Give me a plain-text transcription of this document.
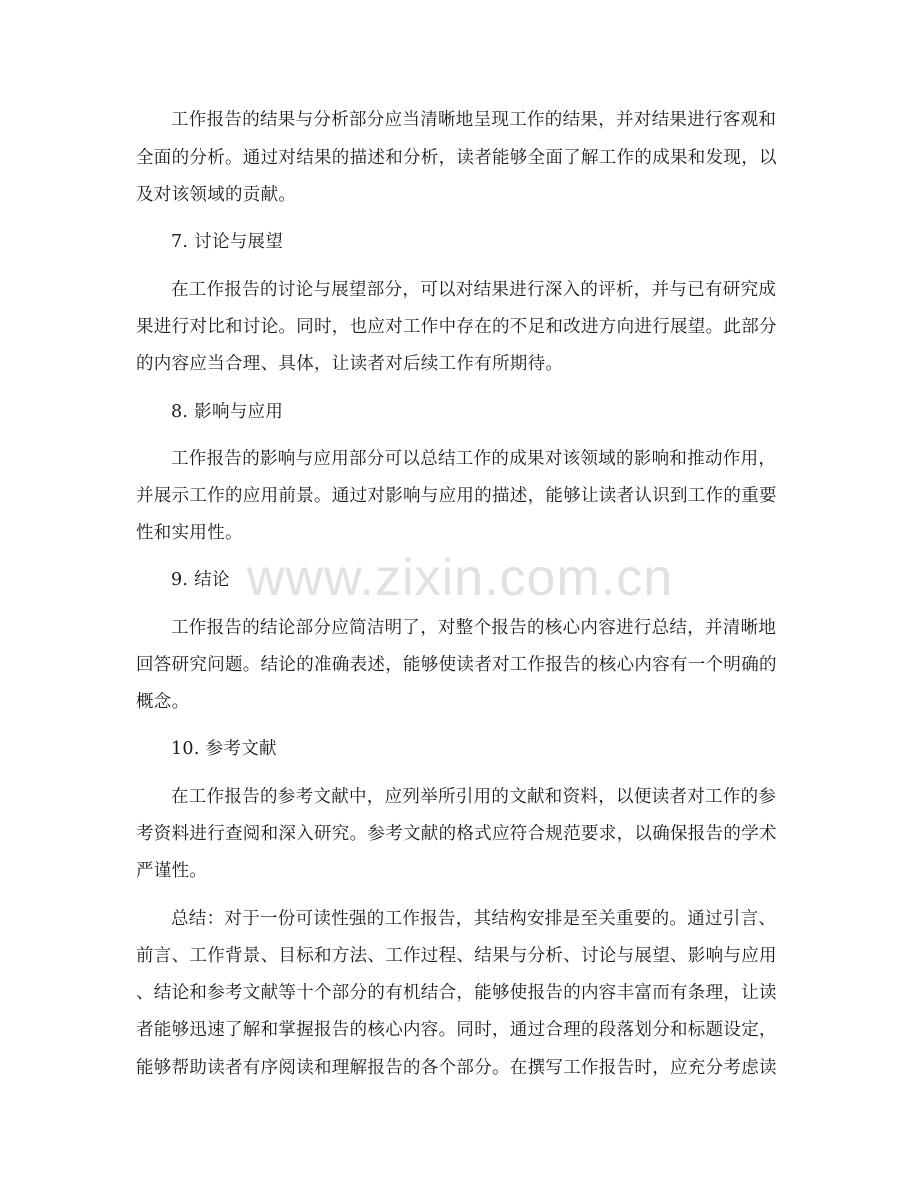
www.zixin.com.cn
工作报告的结果与分析部分应当清晰地呈现工作的结果，并对结果进行客观和
全面的分析。通过对结果的描述和分析，读者能够全面了解工作的成果和发现，以
及对该领域的贡献。
7. 讨论与展望
在工作报告的讨论与展望部分，可以对结果进行深入的评析，并与已有研究成
果进行对比和讨论。同时，也应对工作中存在的不足和改进方向进行展望。此部分
的内容应当合理、具体，让读者对后续工作有所期待。
8. 影响与应用
工作报告的影响与应用部分可以总结工作的成果对该领域的影响和推动作用，
并展示工作的应用前景。通过对影响与应用的描述，能够让读者认识到工作的重要
性和实用性。
9. 结论
工作报告的结论部分应简洁明了，对整个报告的核心内容进行总结，并清晰地
回答研究问题。结论的准确表述，能够使读者对工作报告的核心内容有一个明确的
概念。
10. 参考文献
在工作报告的参考文献中，应列举所引用的文献和资料，以便读者对工作的参
考资料进行查阅和深入研究。参考文献的格式应符合规范要求，以确保报告的学术
严谨性。
总结：对于一份可读性强的工作报告，其结构安排是至关重要的。通过引言、
前言、工作背景、目标和方法、工作过程、结果与分析、讨论与展望、影响与应用
、结论和参考文献等十个部分的有机结合，能够使报告的内容丰富而有条理，让读
者能够迅速了解和掌握报告的核心内容。同时，通过合理的段落划分和标题设定，
能够帮助读者有序阅读和理解报告的各个部分。在撰写工作报告时，应充分考虑读
